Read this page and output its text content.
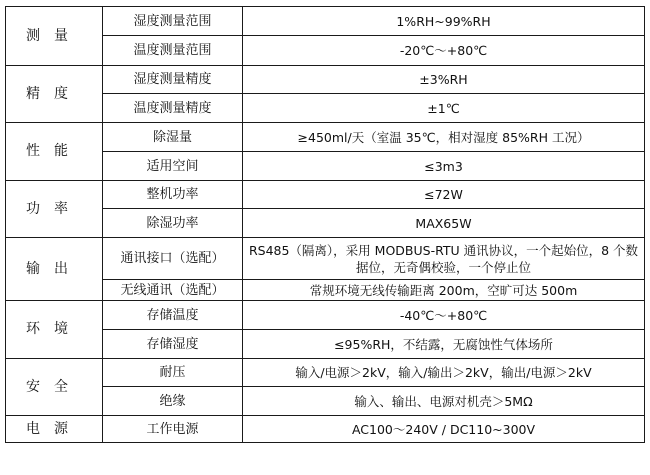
测量	湿度测量范围	1%RH~99%RH
	温度测量范围	-20℃～+80℃
精度	湿度测量精度	±3%RH
	温度测量精度	±1℃
性能	除湿量	≥450ml/天（室温 35℃，相对湿度 85%RH 工况）
	适用空间	≤3m3
功率	整机功率	≤72W
	除湿功率	MAX65W
输出	通讯接口（选配）	RS485（隔离），采用 MODBUS-RTU 通讯协议，一个起始位，8 个数据位，无奇偶校验，一个停止位
	无线通讯（选配）	常规环境无线传输距离 200m，空旷可达 500m
环境	存储温度	-40℃～+80℃
	存储湿度	≤95%RH，不结露，无腐蚀性气体场所
安全	耐压	输入/电源＞2kV，输入/输出＞2kV，输出/电源＞2kV
	绝缘	输入、输出、电源对机壳＞5MΩ
电源	工作电源	AC100～240V / DC110~300V
